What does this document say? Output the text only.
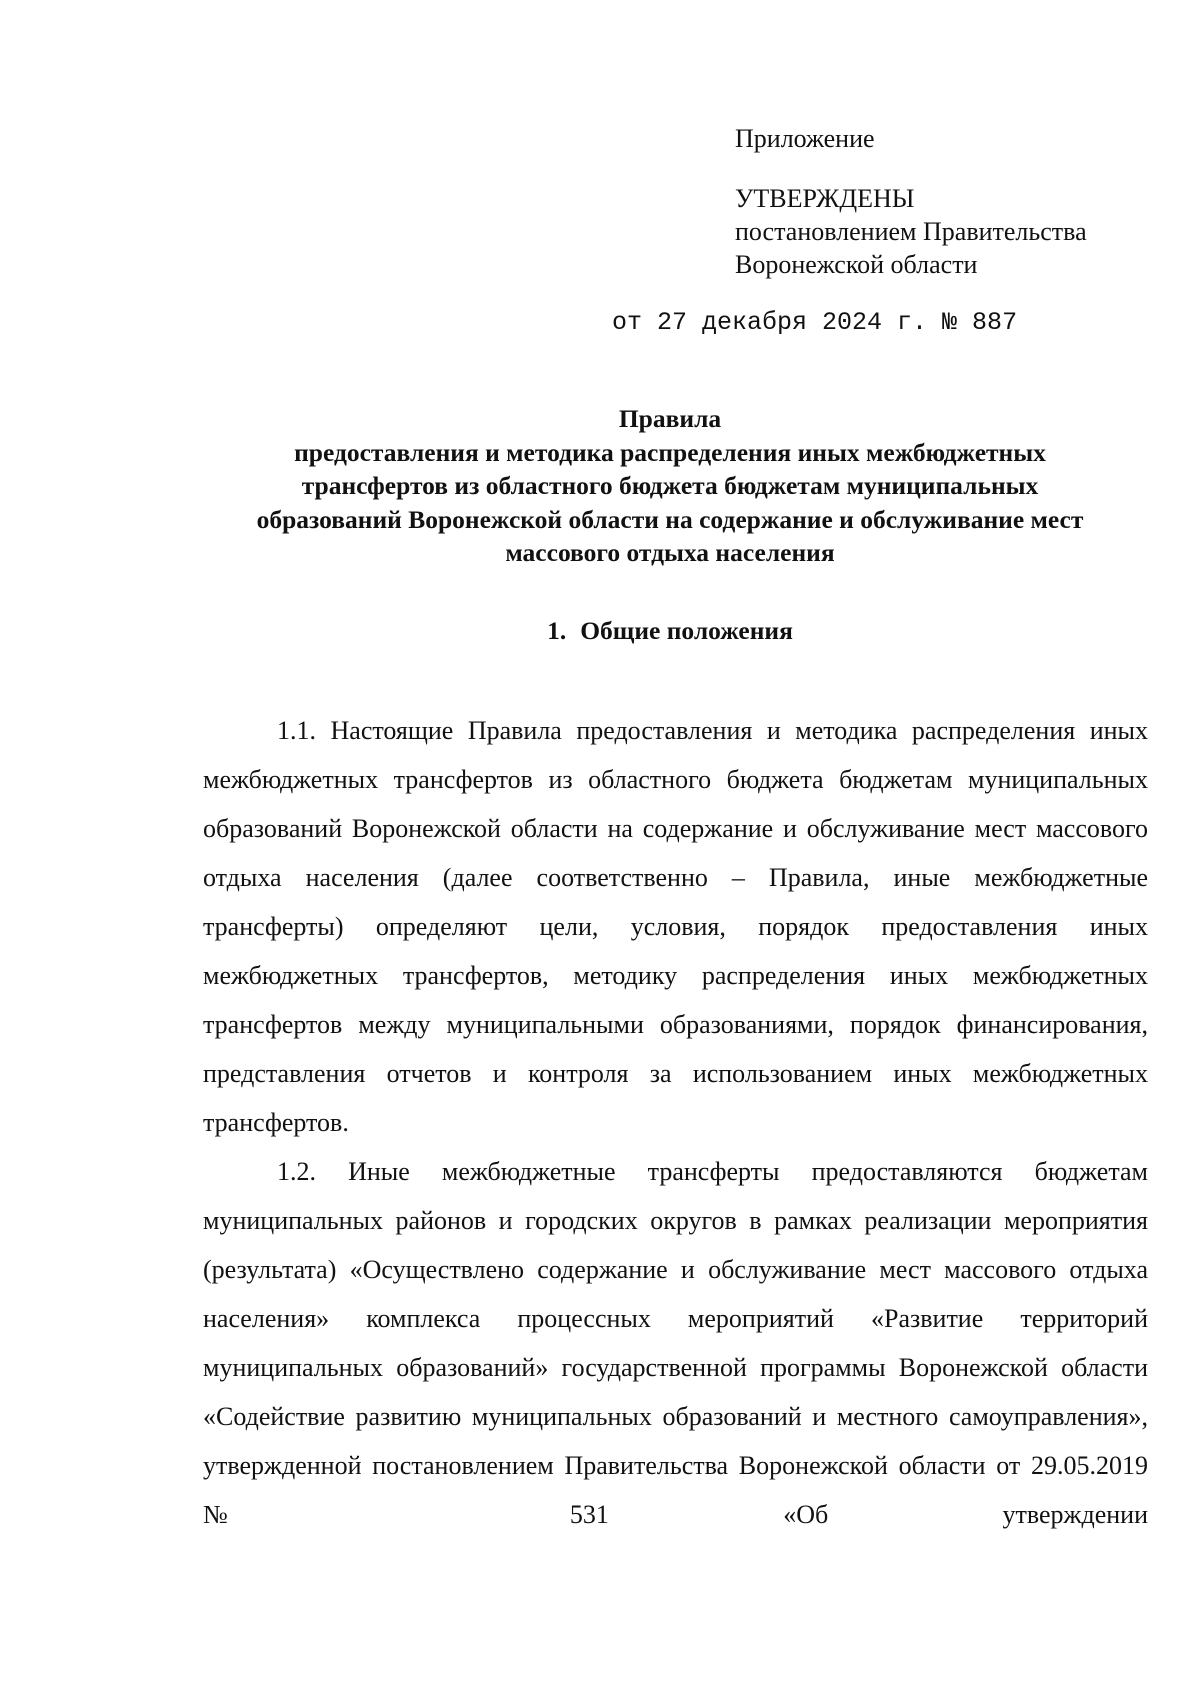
Приложение

УТВЕРЖДЕНЫ

постановлением Правительства

Воронежской области

от 27 декабря 2024 г. № 887
Правила
предоставления и методика распределения иных межбюджетных
трансфертов из областного бюджета бюджетам муниципальных
образований Воронежской области на содержание и обслуживание мест
массового отдыха населения
1. Общие положения

1.1. Настоящие Правила предоставления и методика распределения иных межбюджетных трансфертов из областного бюджета бюджетам муниципальных образований Воронежской области на содержание и обслуживание мест массового отдыха населения (далее соответственно – Правила, иные межбюджетные трансферты) определяют цели, условия, порядок предоставления иных межбюджетных трансфертов, методику распределения иных межбюджетных трансфертов между муниципальными образованиями, порядок финансирования, представления отчетов и контроля за использованием иных межбюджетных трансфертов.

1.2. Иные межбюджетные трансферты предоставляются бюджетам муниципальных районов и городских округов в рамках реализации мероприятия (результата) «Осуществлено содержание и обслуживание мест массового отдыха населения» комплекса процессных мероприятий «Развитие территорий муниципальных образований» государственной программы Воронежской области «Содействие развитию муниципальных образований и местного самоуправления», утвержденной постановлением Правительства Воронежской области от 29.05.2019 № 531 «Об утверждении
